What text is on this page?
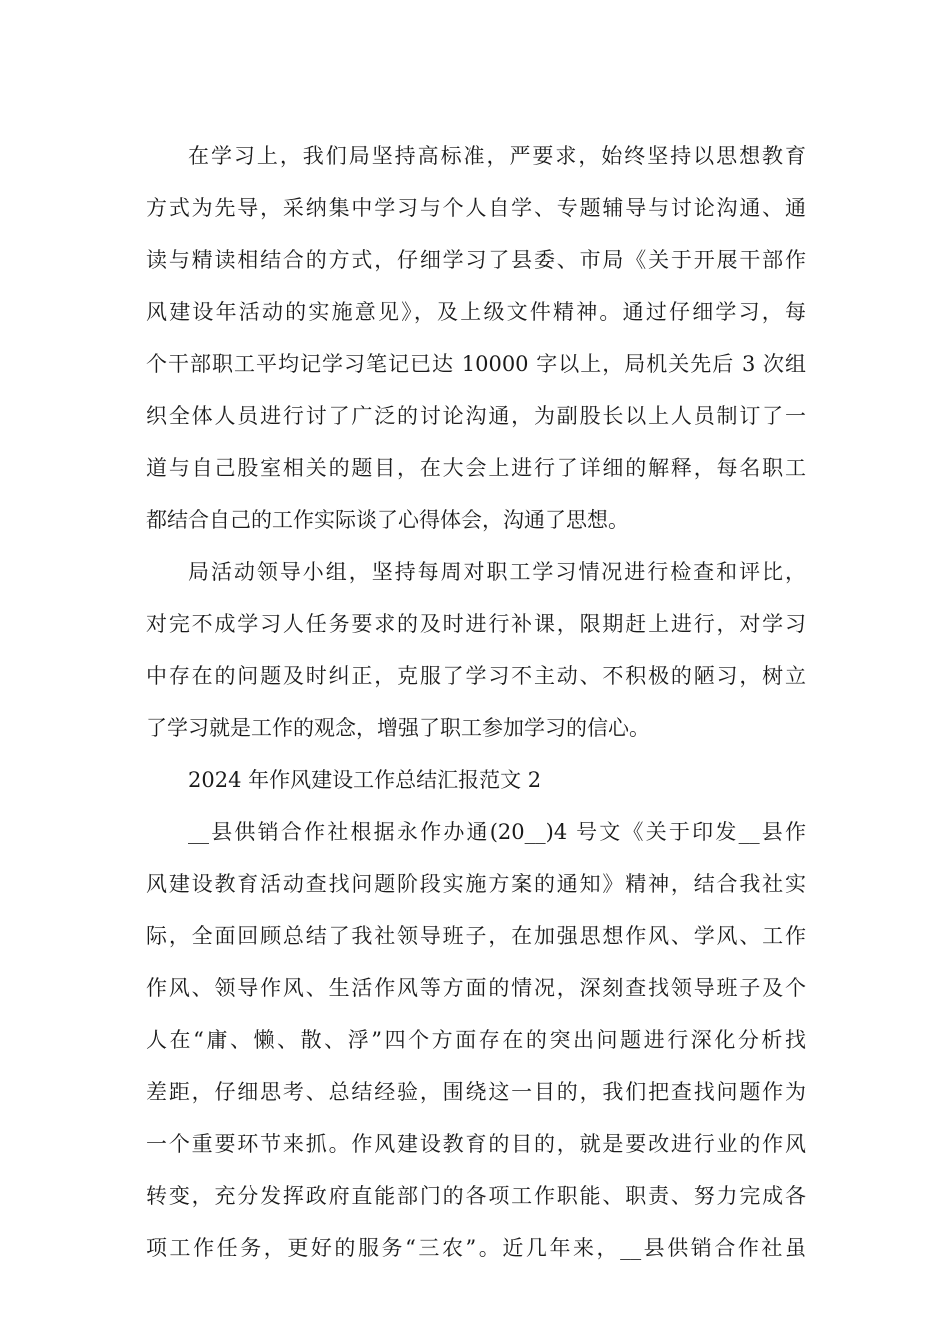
在学习上，我们局坚持高标准，严要求，始终坚持以思想教育
方式为先导，采纳集中学习与个人自学、专题辅导与讨论沟通、通
读与精读相结合的方式，仔细学习了县委、市局《关于开展干部作
风建设年活动的实施意见》，及上级文件精神。通过仔细学习，每
个干部职工平均记学习笔记已达 10000 字以上，局机关先后 3 次组
织全体人员进行讨了广泛的讨论沟通，为副股长以上人员制订了一
道与自己股室相关的题目，在大会上进行了详细的解释，每名职工
都结合自己的工作实际谈了心得体会，沟通了思想。
局活动领导小组，坚持每周对职工学习情况进行检查和评比，
对完不成学习人任务要求的及时进行补课，限期赶上进行，对学习
中存在的问题及时纠正，克服了学习不主动、不积极的陋习，树立
了学习就是工作的观念，增强了职工参加学习的信心。
2024 年作风建设工作总结汇报范文 2
__县供销合作社根据永作办通(20__)4 号文《关于印发__县作
风建设教育活动查找问题阶段实施方案的通知》精神，结合我社实
际，全面回顾总结了我社领导班子，在加强思想作风、学风、工作
作风、领导作风、生活作风等方面的情况，深刻查找领导班子及个
人在“庸、懒、散、浮”四个方面存在的突出问题进行深化分析找
差距，仔细思考、总结经验，围绕这一目的，我们把查找问题作为
一个重要环节来抓。作风建设教育的目的，就是要改进行业的作风
转变，充分发挥政府直能部门的各项工作职能、职责、努力完成各
项工作任务，更好的服务“三农”。近几年来，__县供销合作社虽
